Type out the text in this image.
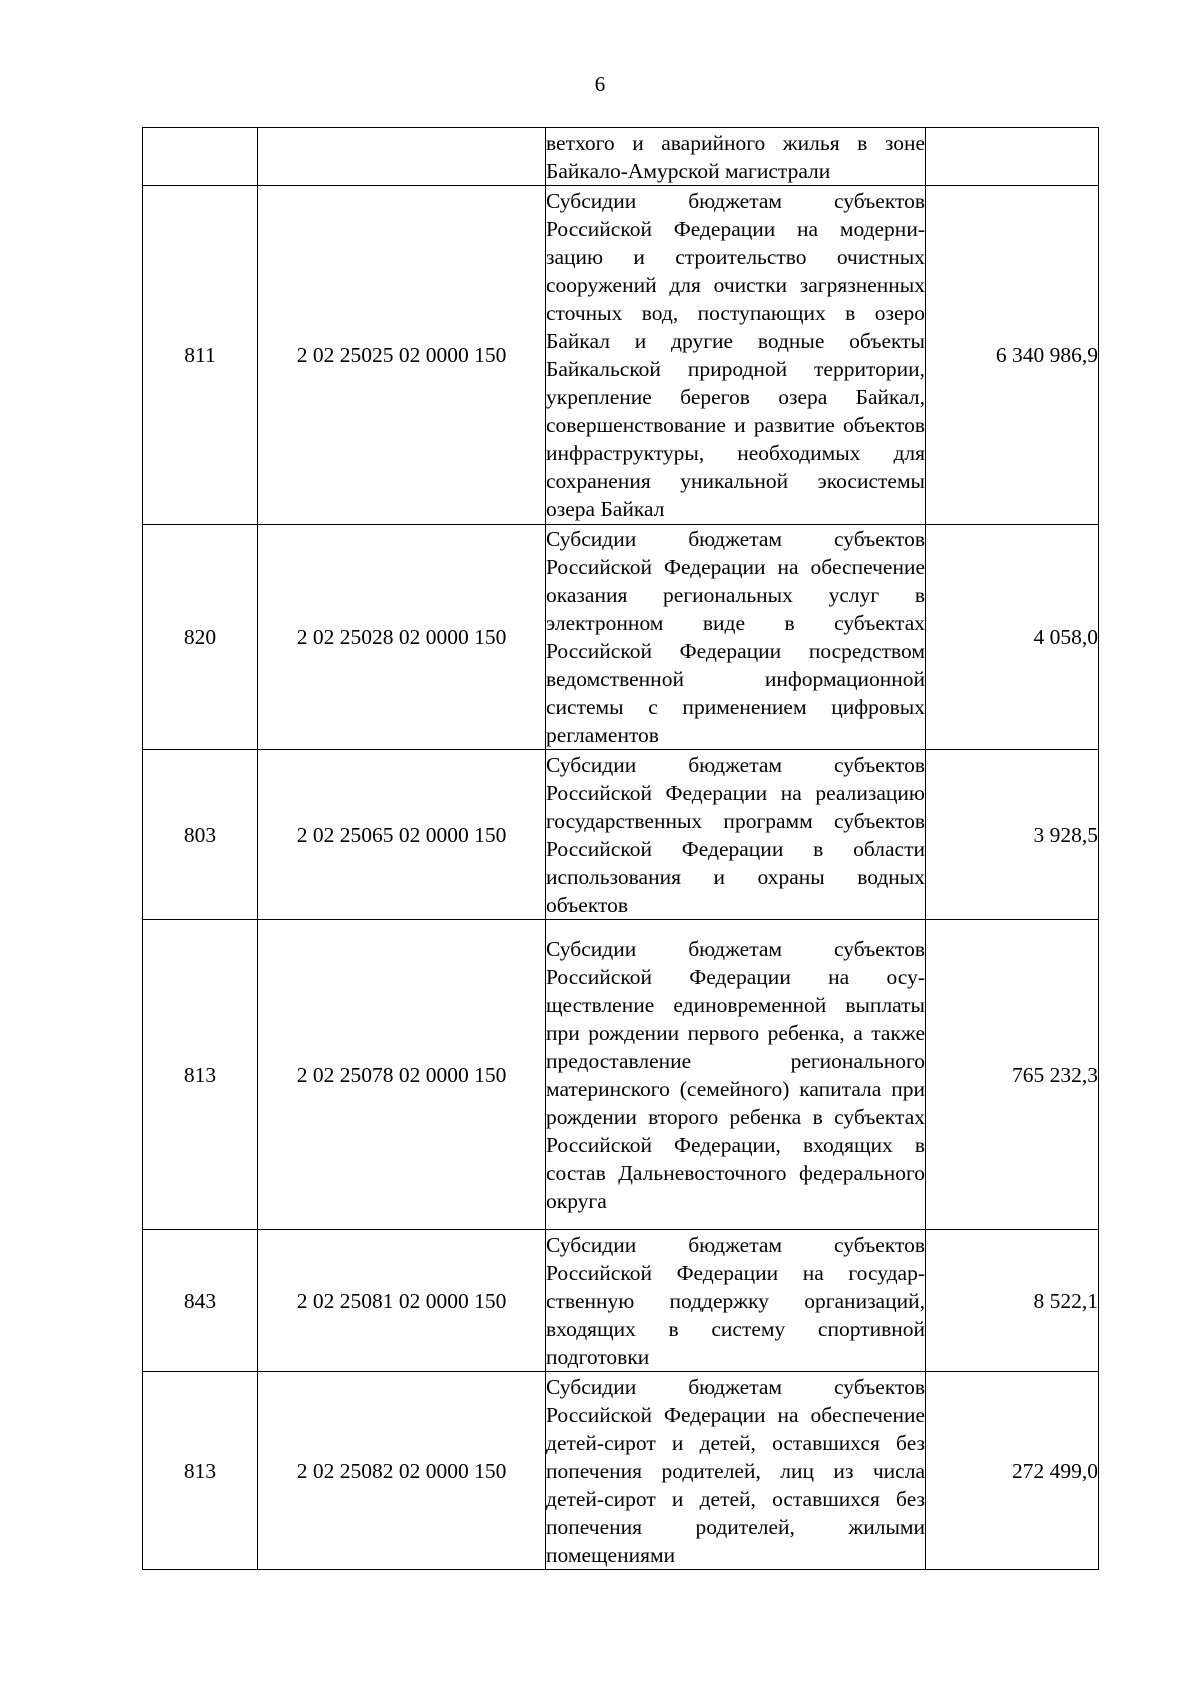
6
		ветхого и аварийного жилья в зоне Байкало-Амурской магистрали	
811	2 02 25025 02 0000 150	Субсидии бюджетам субъектов Российской Федерации на модернизацию и строительство очистных сооружений для очистки загрязненных сточных вод, поступающих в озеро Байкал и другие водные объекты Байкальской природной территории, укрепление берегов озера Байкал, совершенствование и развитие объектов инфраструктуры, необходимых для сохранения уникальной экосистемы озера Байкал	6 340 986,9
820	2 02 25028 02 0000 150	Субсидии бюджетам субъектов Российской Федерации на обеспечение оказания региональных услуг в электронном виде в субъектах Российской Федерации посредством ведомственной информационной системы с применением цифровых регламентов	4 058,0
803	2 02 25065 02 0000 150	Субсидии бюджетам субъектов Российской Федерации на реализацию государственных программ субъектов Российской Федерации в области использования и охраны водных объектов	3 928,5
813	2 02 25078 02 0000 150	Субсидии бюджетам субъектов Российской Федерации на осуществление единовременной выплаты при рождении первого ребенка, а также предоставление регионального материнского (семейного) капитала при рождении второго ребенка в субъектах Российской Федерации, входящих в состав Дальневосточного федерального округа	765 232,3
843	2 02 25081 02 0000 150	Субсидии бюджетам субъектов Российской Федерации на государственную поддержку организаций, входящих в систему спортивной подготовки	8 522,1
813	2 02 25082 02 0000 150	Субсидии бюджетам субъектов Российской Федерации на обеспечение детей-сирот и детей, оставшихся без попечения родителей, лиц из числа детей-сирот и детей, оставшихся без попечения родителей, жилыми помещениями	272 499,0
